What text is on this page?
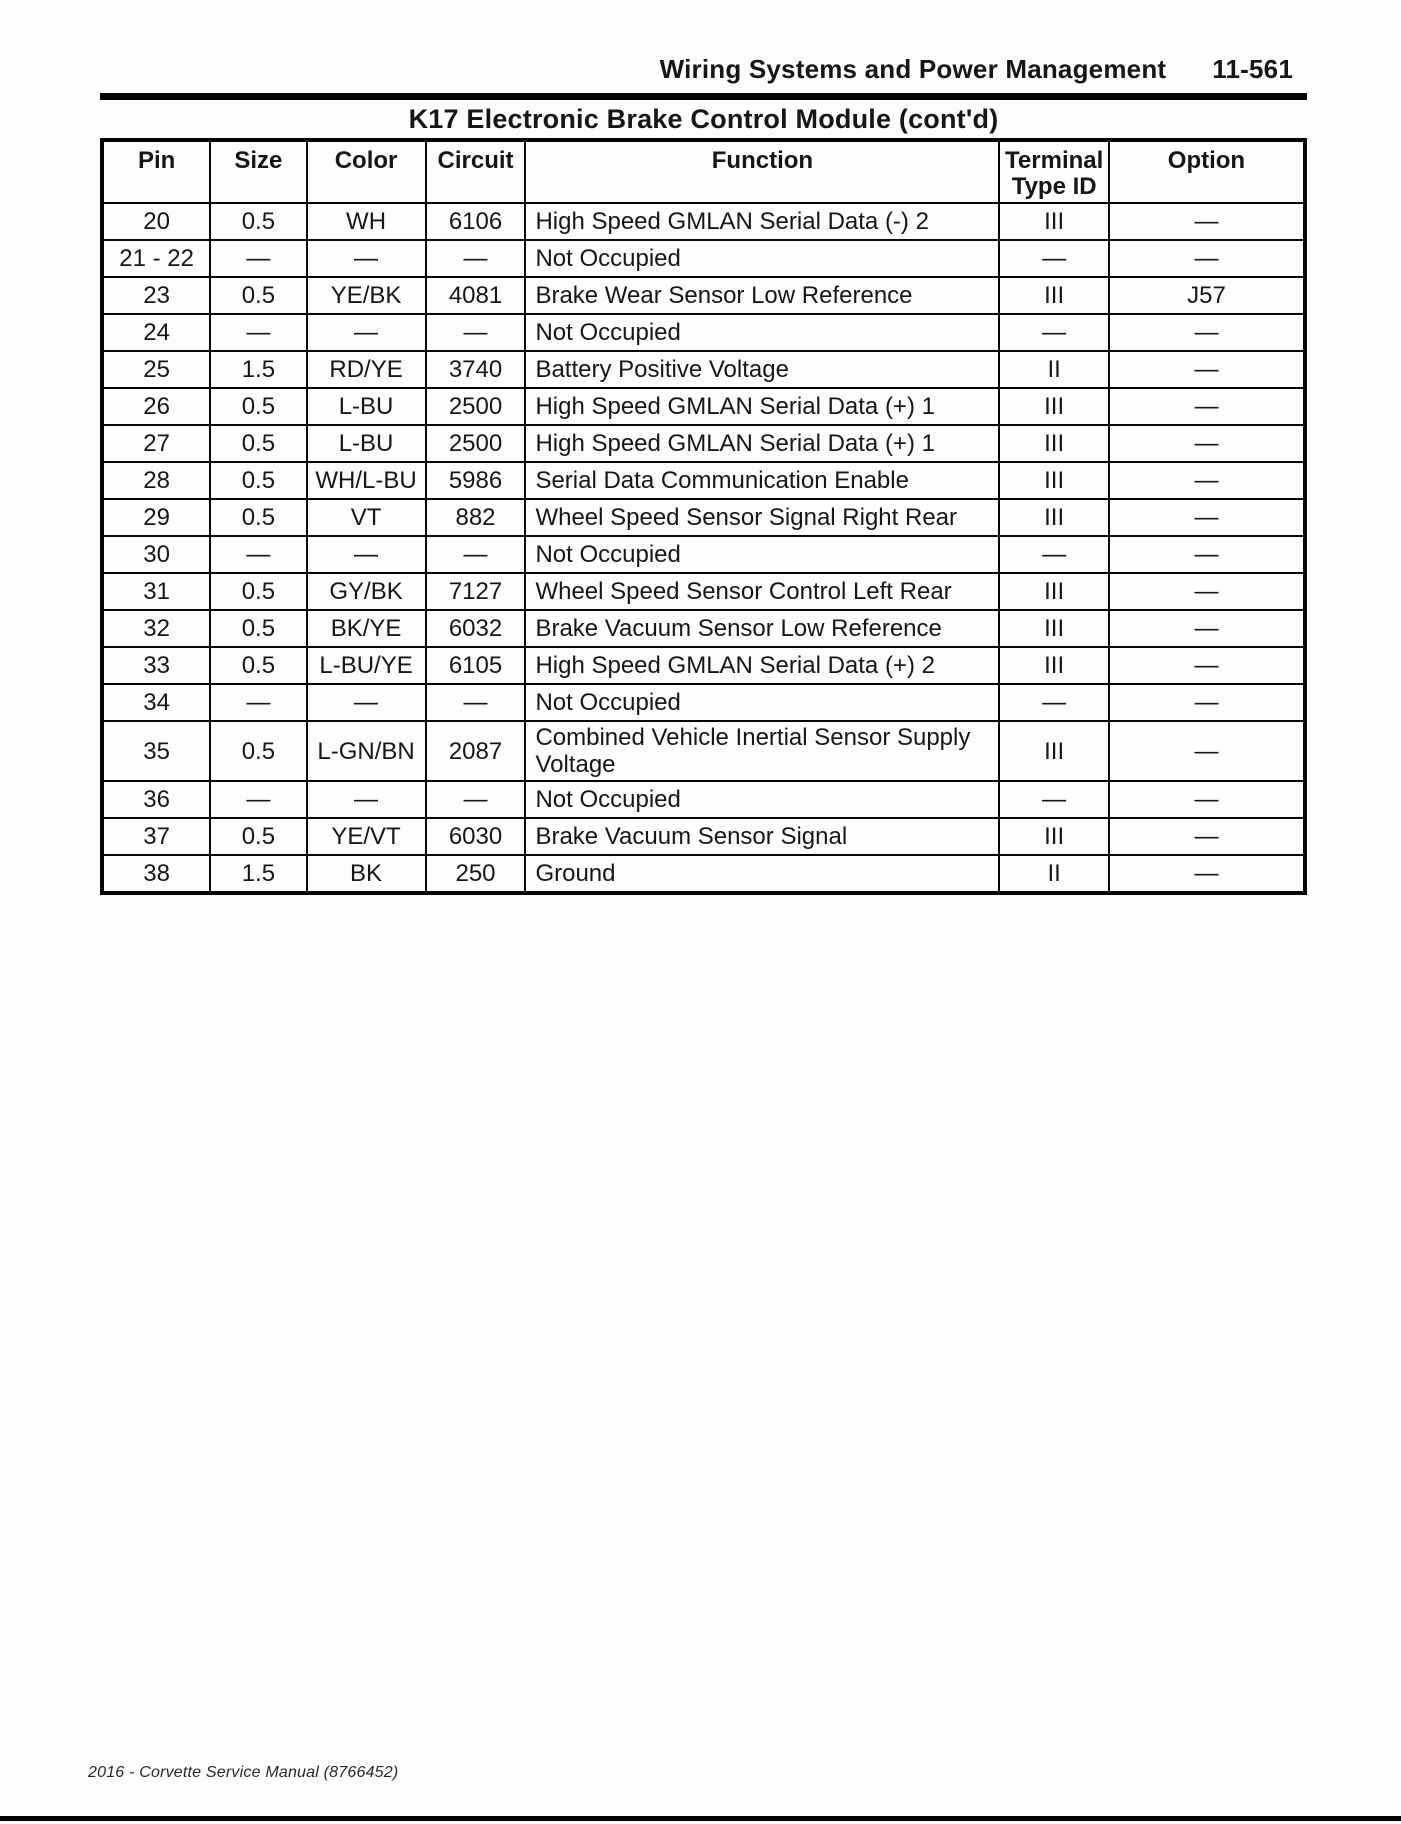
Wiring Systems and Power Management 11-561
K17 Electronic Brake Control Module (cont'd)
Pin	Size	Color	Circuit	Function	Terminal Type ID	Option
20	0.5	WH	6106	High Speed GMLAN Serial Data (-) 2	III	—
21 - 22	—	—	—	Not Occupied	—	—
23	0.5	YE/BK	4081	Brake Wear Sensor Low Reference	III	J57
24	—	—	—	Not Occupied	—	—
25	1.5	RD/YE	3740	Battery Positive Voltage	II	—
26	0.5	L-BU	2500	High Speed GMLAN Serial Data (+) 1	III	—
27	0.5	L-BU	2500	High Speed GMLAN Serial Data (+) 1	III	—
28	0.5	WH/L-BU	5986	Serial Data Communication Enable	III	—
29	0.5	VT	882	Wheel Speed Sensor Signal Right Rear	III	—
30	—	—	—	Not Occupied	—	—
31	0.5	GY/BK	7127	Wheel Speed Sensor Control Left Rear	III	—
32	0.5	BK/YE	6032	Brake Vacuum Sensor Low Reference	III	—
33	0.5	L-BU/YE	6105	High Speed GMLAN Serial Data (+) 2	III	—
34	—	—	—	Not Occupied	—	—
35	0.5	L-GN/BN	2087	Combined Vehicle Inertial Sensor Supply Voltage	III	—
36	—	—	—	Not Occupied	—	—
37	0.5	YE/VT	6030	Brake Vacuum Sensor Signal	III	—
38	1.5	BK	250	Ground	II	—
2016 - Corvette Service Manual (8766452)
